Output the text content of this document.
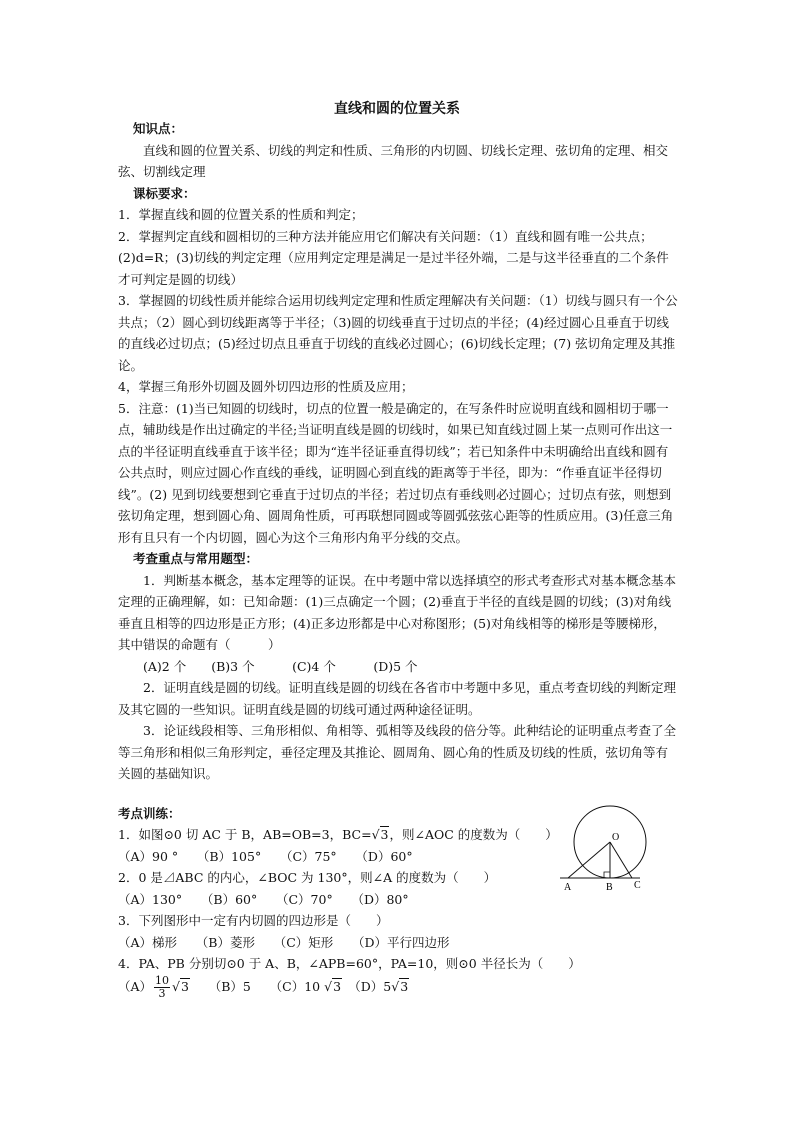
直线和圆的位置关系

知识点：

直线和圆的位置关系、切线的判定和性质、三角形的内切圆、切线长定理、弦切角的定理、相交弦、切割线定理

课标要求：

1．掌握直线和圆的位置关系的性质和判定；

2．掌握判定直线和圆相切的三种方法并能应用它们解决有关问题：（1）直线和圆有唯一公共点；(2)d=R；(3)切线的判定定理（应用判定定理是满足一是过半径外端，二是与这半径垂直的二个条件才可判定是圆的切线）

3．掌握圆的切线性质并能综合运用切线判定定理和性质定理解决有关问题：（1）切线与圆只有一个公共点；（2）圆心到切线距离等于半径；（3)圆的切线垂直于过切点的半径；(4)经过圆心且垂直于切线的直线必过切点；(5)经过切点且垂直于切线的直线必过圆心；(6)切线长定理；(7) 弦切角定理及其推论。

4，掌握三角形外切圆及圆外切四边形的性质及应用；

5．注意：(1)当已知圆的切线时，切点的位置一般是确定的，在写条件时应说明直线和圆相切于哪一点，辅助线是作出过确定的半径;当证明直线是圆的切线时，如果已知直线过圆上某一点则可作出这一点的半径证明直线垂直于该半径；即为“连半径证垂直得切线”；若已知条件中未明确给出直线和圆有公共点时，则应过圆心作直线的垂线，证明圆心到直线的距离等于半径，即为：“作垂直证半径得切线”。(2) 见到切线要想到它垂直于过切点的半径；若过切点有垂线则必过圆心；过切点有弦，则想到弦切角定理，想到圆心角、圆周角性质，可再联想同圆或等圆弧弦弦心距等的性质应用。(3)任意三角形有且只有一个内切圆，圆心为这个三角形内角平分线的交点。

考查重点与常用题型：

1．判断基本概念，基本定理等的证误。在中考题中常以选择填空的形式考查形式对基本概念基本定理的正确理解，如：已知命题：(1)三点确定一个圆；(2)垂直于半径的直线是圆的切线；(3)对角线垂直且相等的四边形是正方形；(4)正多边形都是中心对称图形；(5)对角线相等的梯形是等腰梯形，其中错误的命题有（　　　）

(A)2 个　　(B)3 个　　　(C)4 个　　　(D)5 个

2．证明直线是圆的切线。证明直线是圆的切线在各省市中考题中多见，重点考查切线的判断定理及其它圆的一些知识。证明直线是圆的切线可通过两种途径证明。

3．论证线段相等、三角形相似、角相等、弧相等及线段的倍分等。此种结论的证明重点考查了全等三角形和相似三角形判定，垂径定理及其推论、圆周角、圆心角的性质及切线的性质，弦切角等有关圆的基础知识。

考点训练：

1．如图⊙0 切 AC 于 B，AB=OB=3，BC=√3，则∠AOC 的度数为（　　）

（A）90 °　　（B）105°　　（C）75°　　（D）60°

2．0 是⊿ABC 的内心，∠BOC 为 130°，则∠A 的度数为（　　）

（A）130°　　（B）60°　　（C）70°　　（D）80°

3．下列图形中一定有内切圆的四边形是（　　）

（A）梯形　　（B）菱形　　（C）矩形　　（D）平行四边形

4．PA、PB 分别切⊙0 于 A、B，∠APB=60°，PA=10，则⊙0 半径长为（　　）

$(A) \frac{10}{3} √3$　　 （B）5　　 （C）10 √3　 （D）5√3

O
A	B C
